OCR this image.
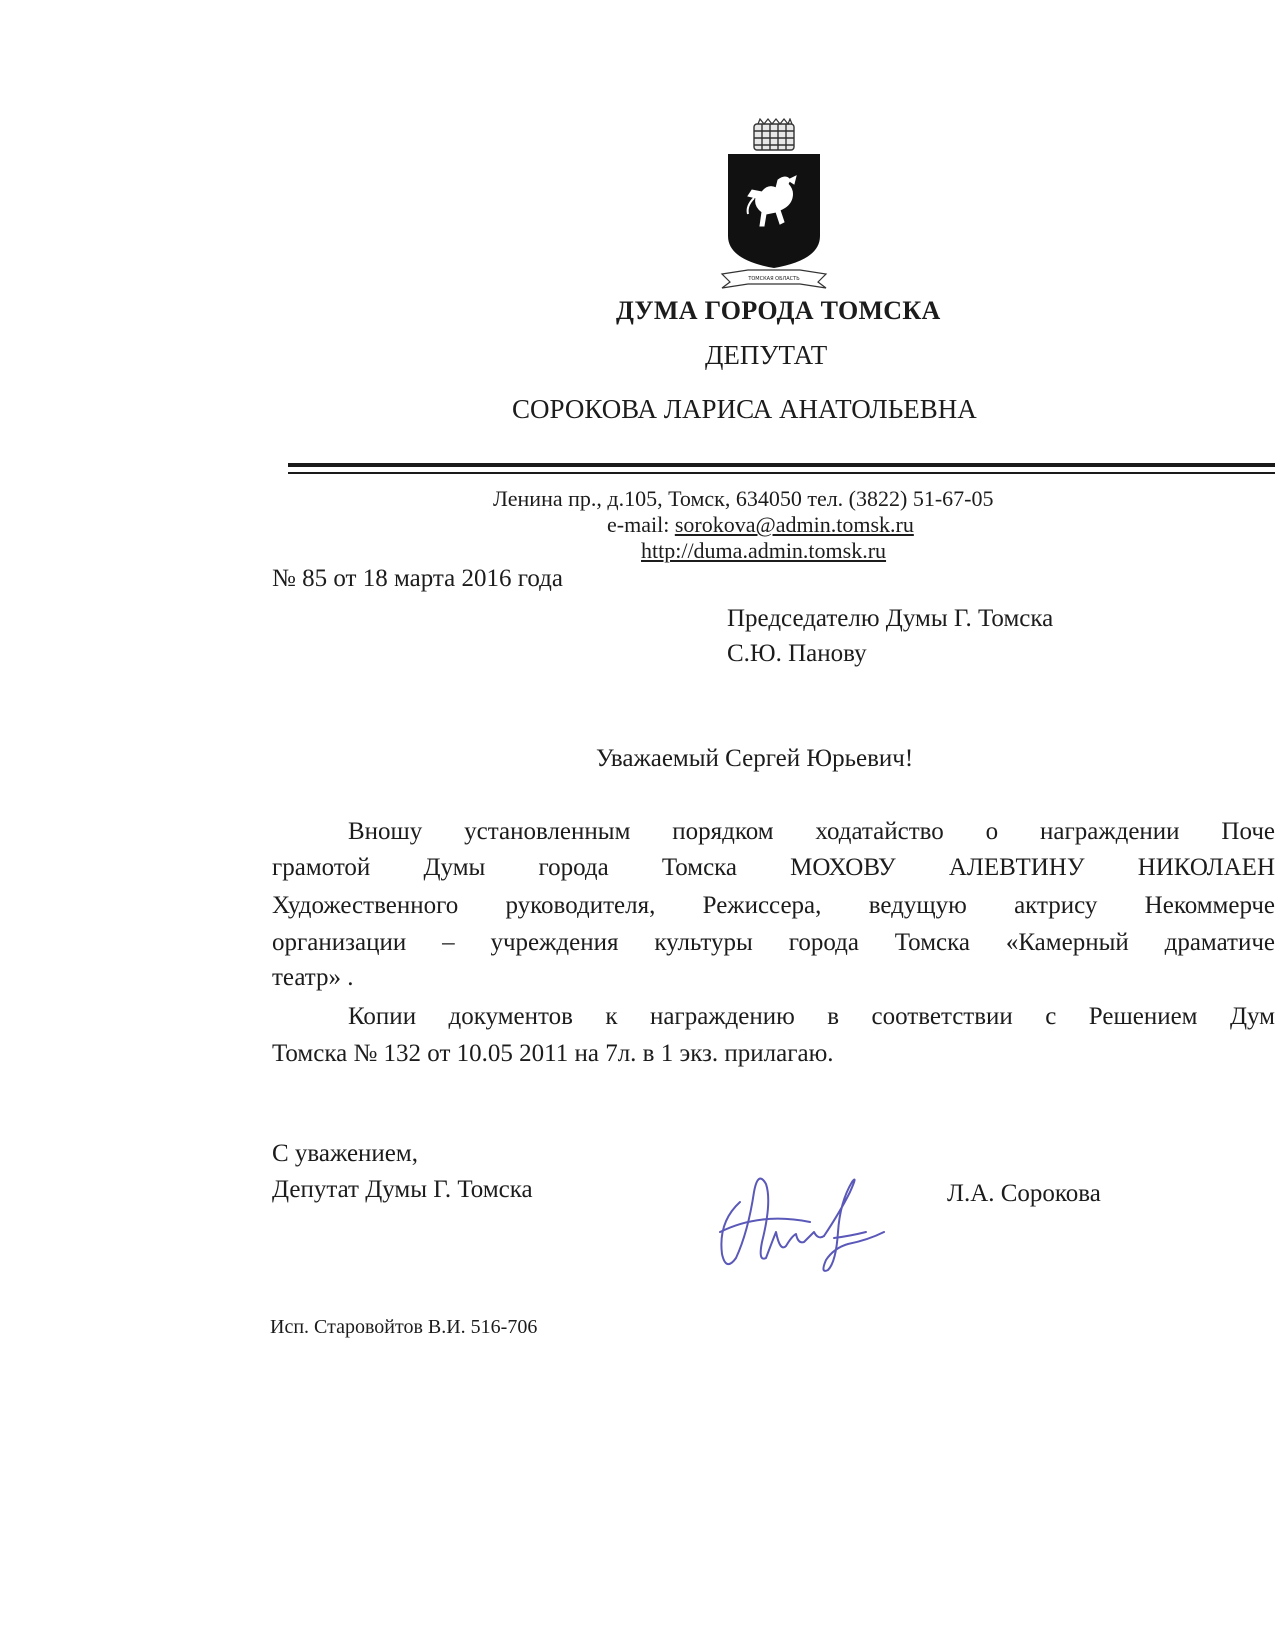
ТОМСКАЯ ОБЛАСТЬ
ДУМА ГОРОДА ТОМСКА
ДЕПУТАТ
СОРОКОВА ЛАРИСА АНАТОЛЬЕВНА
Ленина пр., д.105, Томск, 634050 тел. (3822) 51-67-05
e-mail: sorokova@admin.tomsk.ru
http://duma.admin.tomsk.ru
№ 85 от 18 марта 2016 года
Председателю Думы Г. Томска
С.Ю. Панову
Уважаемый Сергей Юрьевич!
Вношу установленным порядком ходатайство о награждении Поче
грамотой Думы города Томска МОХОВУ АЛЕВТИНУ НИКОЛАЕН
Художественного руководителя, Режиссера, ведущую актрису Некоммерче
организации – учреждения культуры города Томска «Камерный драматиче
театр» .
Копии документов к награждению в соответствии с Решением Дум
Томска № 132 от 10.05 2011 на 7л. в 1 экз. прилагаю.
С уважением,
Депутат Думы Г. Томска	Л.А. Сорокова
Исп. Старовойтов В.И. 516-706
